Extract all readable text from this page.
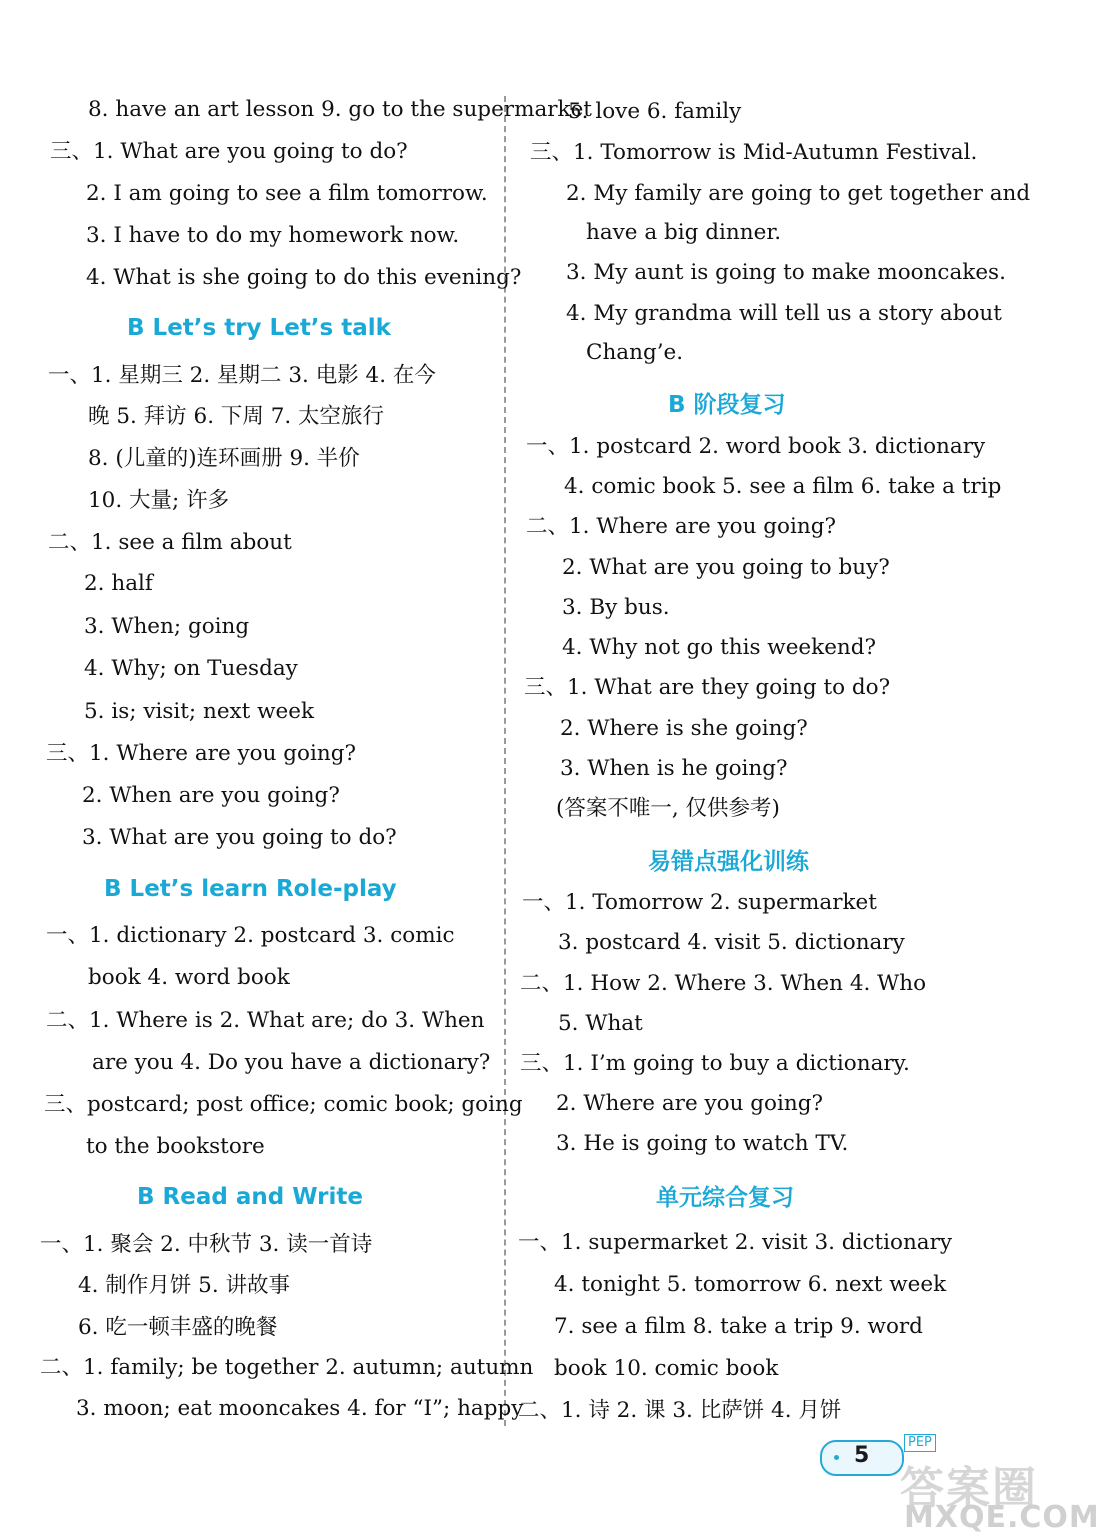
8. have an art lesson 9. go to the supermarket
三、1. What are you going to do?
2. I am going to see a film tomorrow.
3. I have to do my homework now.
4. What is she going to do this evening?
B Let’s try Let’s talk
一、1. 星期三 2. 星期二 3. 电影 4. 在今
晚 5. 拜访 6. 下周 7. 太空旅行
8. (儿童的)连环画册 9. 半价
10. 大量; 许多
二、1. see a film about
2. half
3. When; going
4. Why; on Tuesday
5. is; visit; next week
三、1. Where are you going?
2. When are you going?
3. What are you going to do?
B Let’s learn Role-play
一、1. dictionary 2. postcard 3. comic
book 4. word book
二、1. Where is 2. What are; do 3. When
are you 4. Do you have a dictionary?
三、postcard; post office; comic book; going
to the bookstore
B Read and Write
一、1. 聚会 2. 中秋节 3. 读一首诗
4. 制作月饼 5. 讲故事
6. 吃一顿丰盛的晚餐
二、1. family; be together 2. autumn; autumn
3. moon; eat mooncakes 4. for “I”; happy
5. love 6. family
三、1. Tomorrow is Mid-Autumn Festival.
2. My family are going to get together and
have a big dinner.
3. My aunt is going to make mooncakes.
4. My grandma will tell us a story about
Chang’e.
B 阶段复习
一、1. postcard 2. word book 3. dictionary
4. comic book 5. see a film 6. take a trip
二、1. Where are you going?
2. What are you going to buy?
3. By bus.
4. Why not go this weekend?
三、1. What are they going to do?
2. Where is she going?
3. When is he going?
(答案不唯一, 仅供参考)
易错点强化训练
一、1. Tomorrow 2. supermarket
3. postcard 4. visit 5. dictionary
二、1. How 2. Where 3. When 4. Who
5. What
三、1. I’m going to buy a dictionary.
2. Where are you going?
3. He is going to watch TV.
单元综合复习
一、1. supermarket 2. visit 3. dictionary
4. tonight 5. tomorrow 6. next week
7. see a film 8. take a trip 9. word
book 10. comic book
二、1. 诗 2. 课 3. 比萨饼 4. 月饼
5
PEP
答案圈
MXQE.COM
